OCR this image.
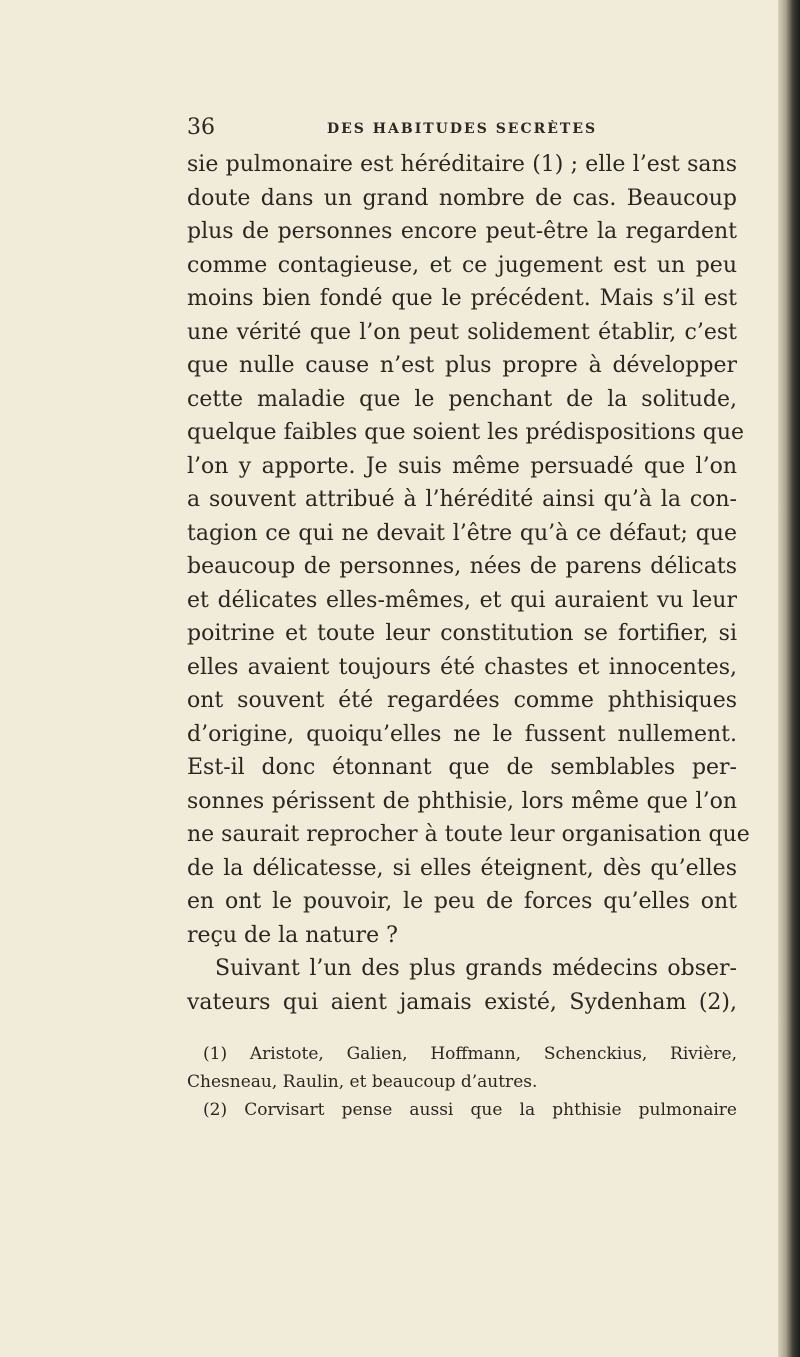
36	DES HABITUDES SECRÈTES
sie pulmonaire est héréditaire (1) ; elle l’est sans
doute dans un grand nombre de cas. Beaucoup
plus de personnes encore peut-être la regardent
comme contagieuse, et ce jugement est un peu
moins bien fondé que le précédent. Mais s’il est
une vérité que l’on peut solidement établir, c’est
que nulle cause n’est plus propre à développer
cette maladie que le penchant de la solitude,
quelque faibles que soient les prédispositions que
l’on y apporte. Je suis même persuadé que l’on
a souvent attribué à l’hérédité ainsi qu’à la con-
tagion ce qui ne devait l’être qu’à ce défaut; que
beaucoup de personnes, nées de parens délicats
et délicates elles-mêmes, et qui auraient vu leur
poitrine et toute leur constitution se fortifier, si
elles avaient toujours été chastes et innocentes,
ont souvent été regardées comme phthisiques
d’origine, quoiqu’elles ne le fussent nullement.
Est-il donc étonnant que de semblables per-
sonnes périssent de phthisie, lors même que l’on
ne saurait reprocher à toute leur organisation que
de la délicatesse, si elles éteignent, dès qu’elles
en ont le pouvoir, le peu de forces qu’elles ont
reçu de la nature ?
Suivant l’un des plus grands médecins obser-
vateurs qui aient jamais existé, Sydenham (2),
(1) Aristote, Galien, Hoffmann, Schenckius, Rivière,
Chesneau, Raulin, et beaucoup d’autres.
(2) Corvisart pense aussi que la phthisie pulmonaire
